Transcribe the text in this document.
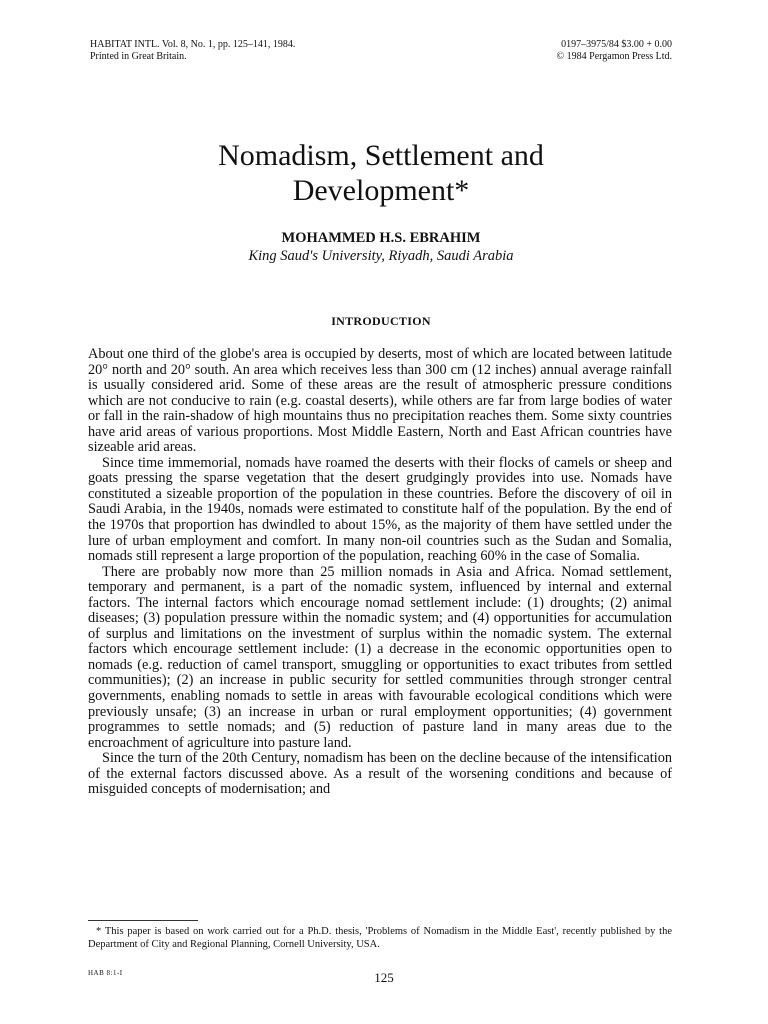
HABITAT INTL. Vol. 8, No. 1, pp. 125–141, 1984.
Printed in Great Britain.
0197–3975/84 $3.00 + 0.00
© 1984 Pergamon Press Ltd.
Nomadism, Settlement and
Development*
MOHAMMED H.S. EBRAHIM
King Saud's University, Riyadh, Saudi Arabia
INTRODUCTION

About one third of the globe's area is occupied by deserts, most of which are located between latitude 20° north and 20° south. An area which receives less than 300 cm (12 inches) annual average rainfall is usually considered arid. Some of these areas are the result of atmospheric pressure conditions which are not conducive to rain (e.g. coastal deserts), while others are far from large bodies of water or fall in the rain-shadow of high mountains thus no precipitation reaches them. Some sixty countries have arid areas of various proportions. Most Middle Eastern, North and East African countries have sizeable arid areas.

Since time immemorial, nomads have roamed the deserts with their flocks of camels or sheep and goats pressing the sparse vegetation that the desert grudgingly provides into use. Nomads have constituted a sizeable proportion of the population in these countries. Before the discovery of oil in Saudi Arabia, in the 1940s, nomads were estimated to constitute half of the population. By the end of the 1970s that proportion has dwindled to about 15%, as the majority of them have settled under the lure of urban employment and comfort. In many non-oil countries such as the Sudan and Somalia, nomads still represent a large proportion of the population, reaching 60% in the case of Somalia.

There are probably now more than 25 million nomads in Asia and Africa. Nomad settlement, temporary and permanent, is a part of the nomadic system, influenced by internal and external factors. The internal factors which encourage nomad settlement include: (1) droughts; (2) animal diseases; (3) population pressure within the nomadic system; and (4) opportunities for accumulation of surplus and limitations on the investment of surplus within the nomadic system. The external factors which encourage settlement include: (1) a decrease in the economic opportunities open to nomads (e.g. reduction of camel transport, smuggling or opportunities to exact tributes from settled communities); (2) an increase in public security for settled communities through stronger central governments, enabling nomads to settle in areas with favourable ecological conditions which were previously unsafe; (3) an increase in urban or rural employment opportunities; (4) government programmes to settle nomads; and (5) reduction of pasture land in many areas due to the encroachment of agriculture into pasture land.

Since the turn of the 20th Century, nomadism has been on the decline because of the intensification of the external factors discussed above. As a result of the worsening conditions and because of misguided concepts of modernisation; and

* This paper is based on work carried out for a Ph.D. thesis, 'Problems of Nomadism in the Middle East', recently published by the Department of City and Regional Planning, Cornell University, USA.
HAB 8:1-I	125
